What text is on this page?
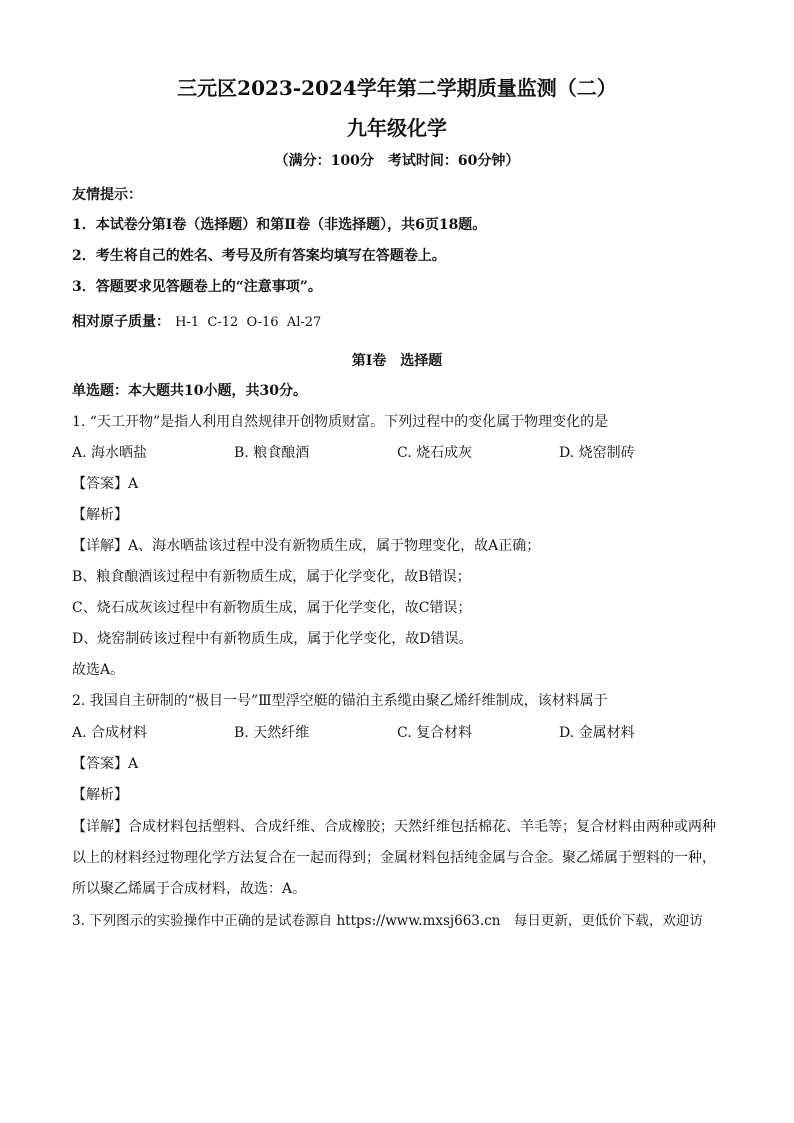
三元区2023-2024学年第二学期质量监测（二）
九年级化学
（满分：100分　考试时间：60分钟）
友情提示：
1．本试卷分第Ⅰ卷（选择题）和第Ⅱ卷（非选择题），共6页18题。
2．考生将自己的姓名、考号及所有答案均填写在答题卷上。
3．答题要求见答题卷上的“注意事项”。
相对原子质量： H-1  C-12  O-16  Al-27
第Ⅰ卷　选择题
单选题：本大题共10小题，共30分。
1. “天工开物”是指人利用自然规律开创物质财富。下列过程中的变化属于物理变化的是
A. 海水晒盐	B. 粮食酿酒	C. 烧石成灰	D. 烧窑制砖
【答案】A
【解析】
【详解】A、海水晒盐该过程中没有新物质生成，属于物理变化，故A正确；
B、粮食酿酒该过程中有新物质生成，属于化学变化，故B错误；
C、烧石成灰该过程中有新物质生成，属于化学变化，故C错误；
D、烧窑制砖该过程中有新物质生成，属于化学变化，故D错误。
故选A。
2. 我国自主研制的“极目一号”Ⅲ型浮空艇的锚泊主系缆由聚乙烯纤维制成，该材料属于
A. 合成材料	B. 天然纤维	C. 复合材料	D. 金属材料
【答案】A
【解析】
【详解】合成材料包括塑料、合成纤维、合成橡胶；天然纤维包括棉花、羊毛等；复合材料由两种或两种
以上的材料经过物理化学方法复合在一起而得到；金属材料包括纯金属与合金。聚乙烯属于塑料的一种，
所以聚乙烯属于合成材料，故选：A。
3. 下列图示的实验操作中正确的是试卷源自 https://www.mxsj663.cn　每日更新，更低价下载，欢迎访
